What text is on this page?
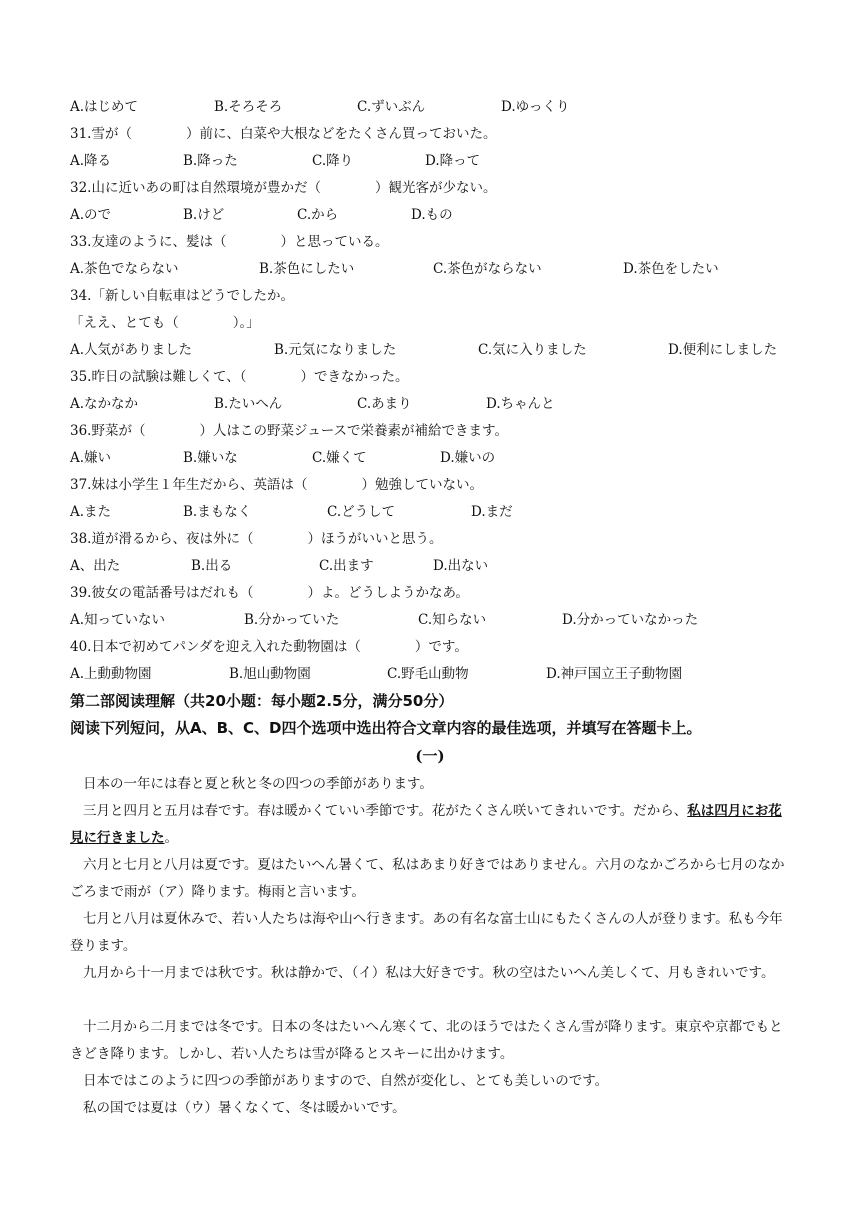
A.はじめて	B.そろそろ	C.ずいぶん	D.ゆっくり
31.雪が（　　　　）前に、白菜や大根などをたくさん買っておいた。
A.降る	B.降った	C.降り	D.降って
32.山に近いあの町は自然環境が豊かだ（　　　　）観光客が少ない。
A.ので	B.けど	C.から	D.もの
33.友達のように、髪は（　　　　）と思っている。
A.茶色でならない	B.茶色にしたい	C.茶色がならない	D.茶色をしたい
34.「新しい自転車はどうでしたか。
「ええ、とても（　　　　）。」
A.人気がありました	B.元気になりました	C.気に入りました	D.便利にしました
35.昨日の試験は難しくて、（　　　　）できなかった。
A.なかなか	B.たいへん	C.あまり	D.ちゃんと
36.野菜が（　　　　）人はこの野菜ジュースで栄養素が補給できます。
A.嫌い	B.嫌いな	C.嫌くて	D.嫌いの
37.妹は小学生１年生だから、英語は（　　　　）勉強していない。
A.また	B.まもなく	C.どうして	D.まだ
38.道が滑るから、夜は外に（　　　　）ほうがいいと思う。
A、出た	B.出る	C.出ます	D.出ない
39.彼女の電話番号はだれも（　　　　）よ。どうしようかなあ。
A.知っていない	B.分かっていた	C.知らない	D.分かっていなかった
40.日本で初めてパンダを迎え入れた動物園は（　　　　）です。
A.上動動物園	B.旭山動物園	C.野毛山動物	D.神戸国立王子動物園
第二部阅读理解（共20小题：每小题2.5分，满分50分）
阅读下列短问，从A、B、C、D四个选项中选出符合文章内容的最佳选项，并填写在答题卡上。
(一)
日本の一年には春と夏と秋と冬の四つの季節があります。
三月と四月と五月は春です。春は暖かくていい季節です。花がたくさん咲いてきれいです。だから、私は四月にお花見に行きました。
六月と七月と八月は夏です。夏はたいへん暑くて、私はあまり好きではありません。六月のなかごろから七月のなかごろまで雨が（ア）降ります。梅雨と言います。
七月と八月は夏休みで、若い人たちは海や山へ行きます。あの有名な富士山にもたくさんの人が登ります。私も今年登ります。
九月から十一月までは秋です。秋は静かで、（イ）私は大好きです。秋の空はたいへん美しくて、月もきれいです。
十二月から二月までは冬です。日本の冬はたいへん寒くて、北のほうではたくさん雪が降ります。東京や京都でもときどき降ります。しかし、若い人たちは雪が降るとスキーに出かけます。
日本ではこのように四つの季節がありますので、自然が変化し、とても美しいのです。
私の国では夏は（ウ）暑くなくて、冬は暖かいです。
